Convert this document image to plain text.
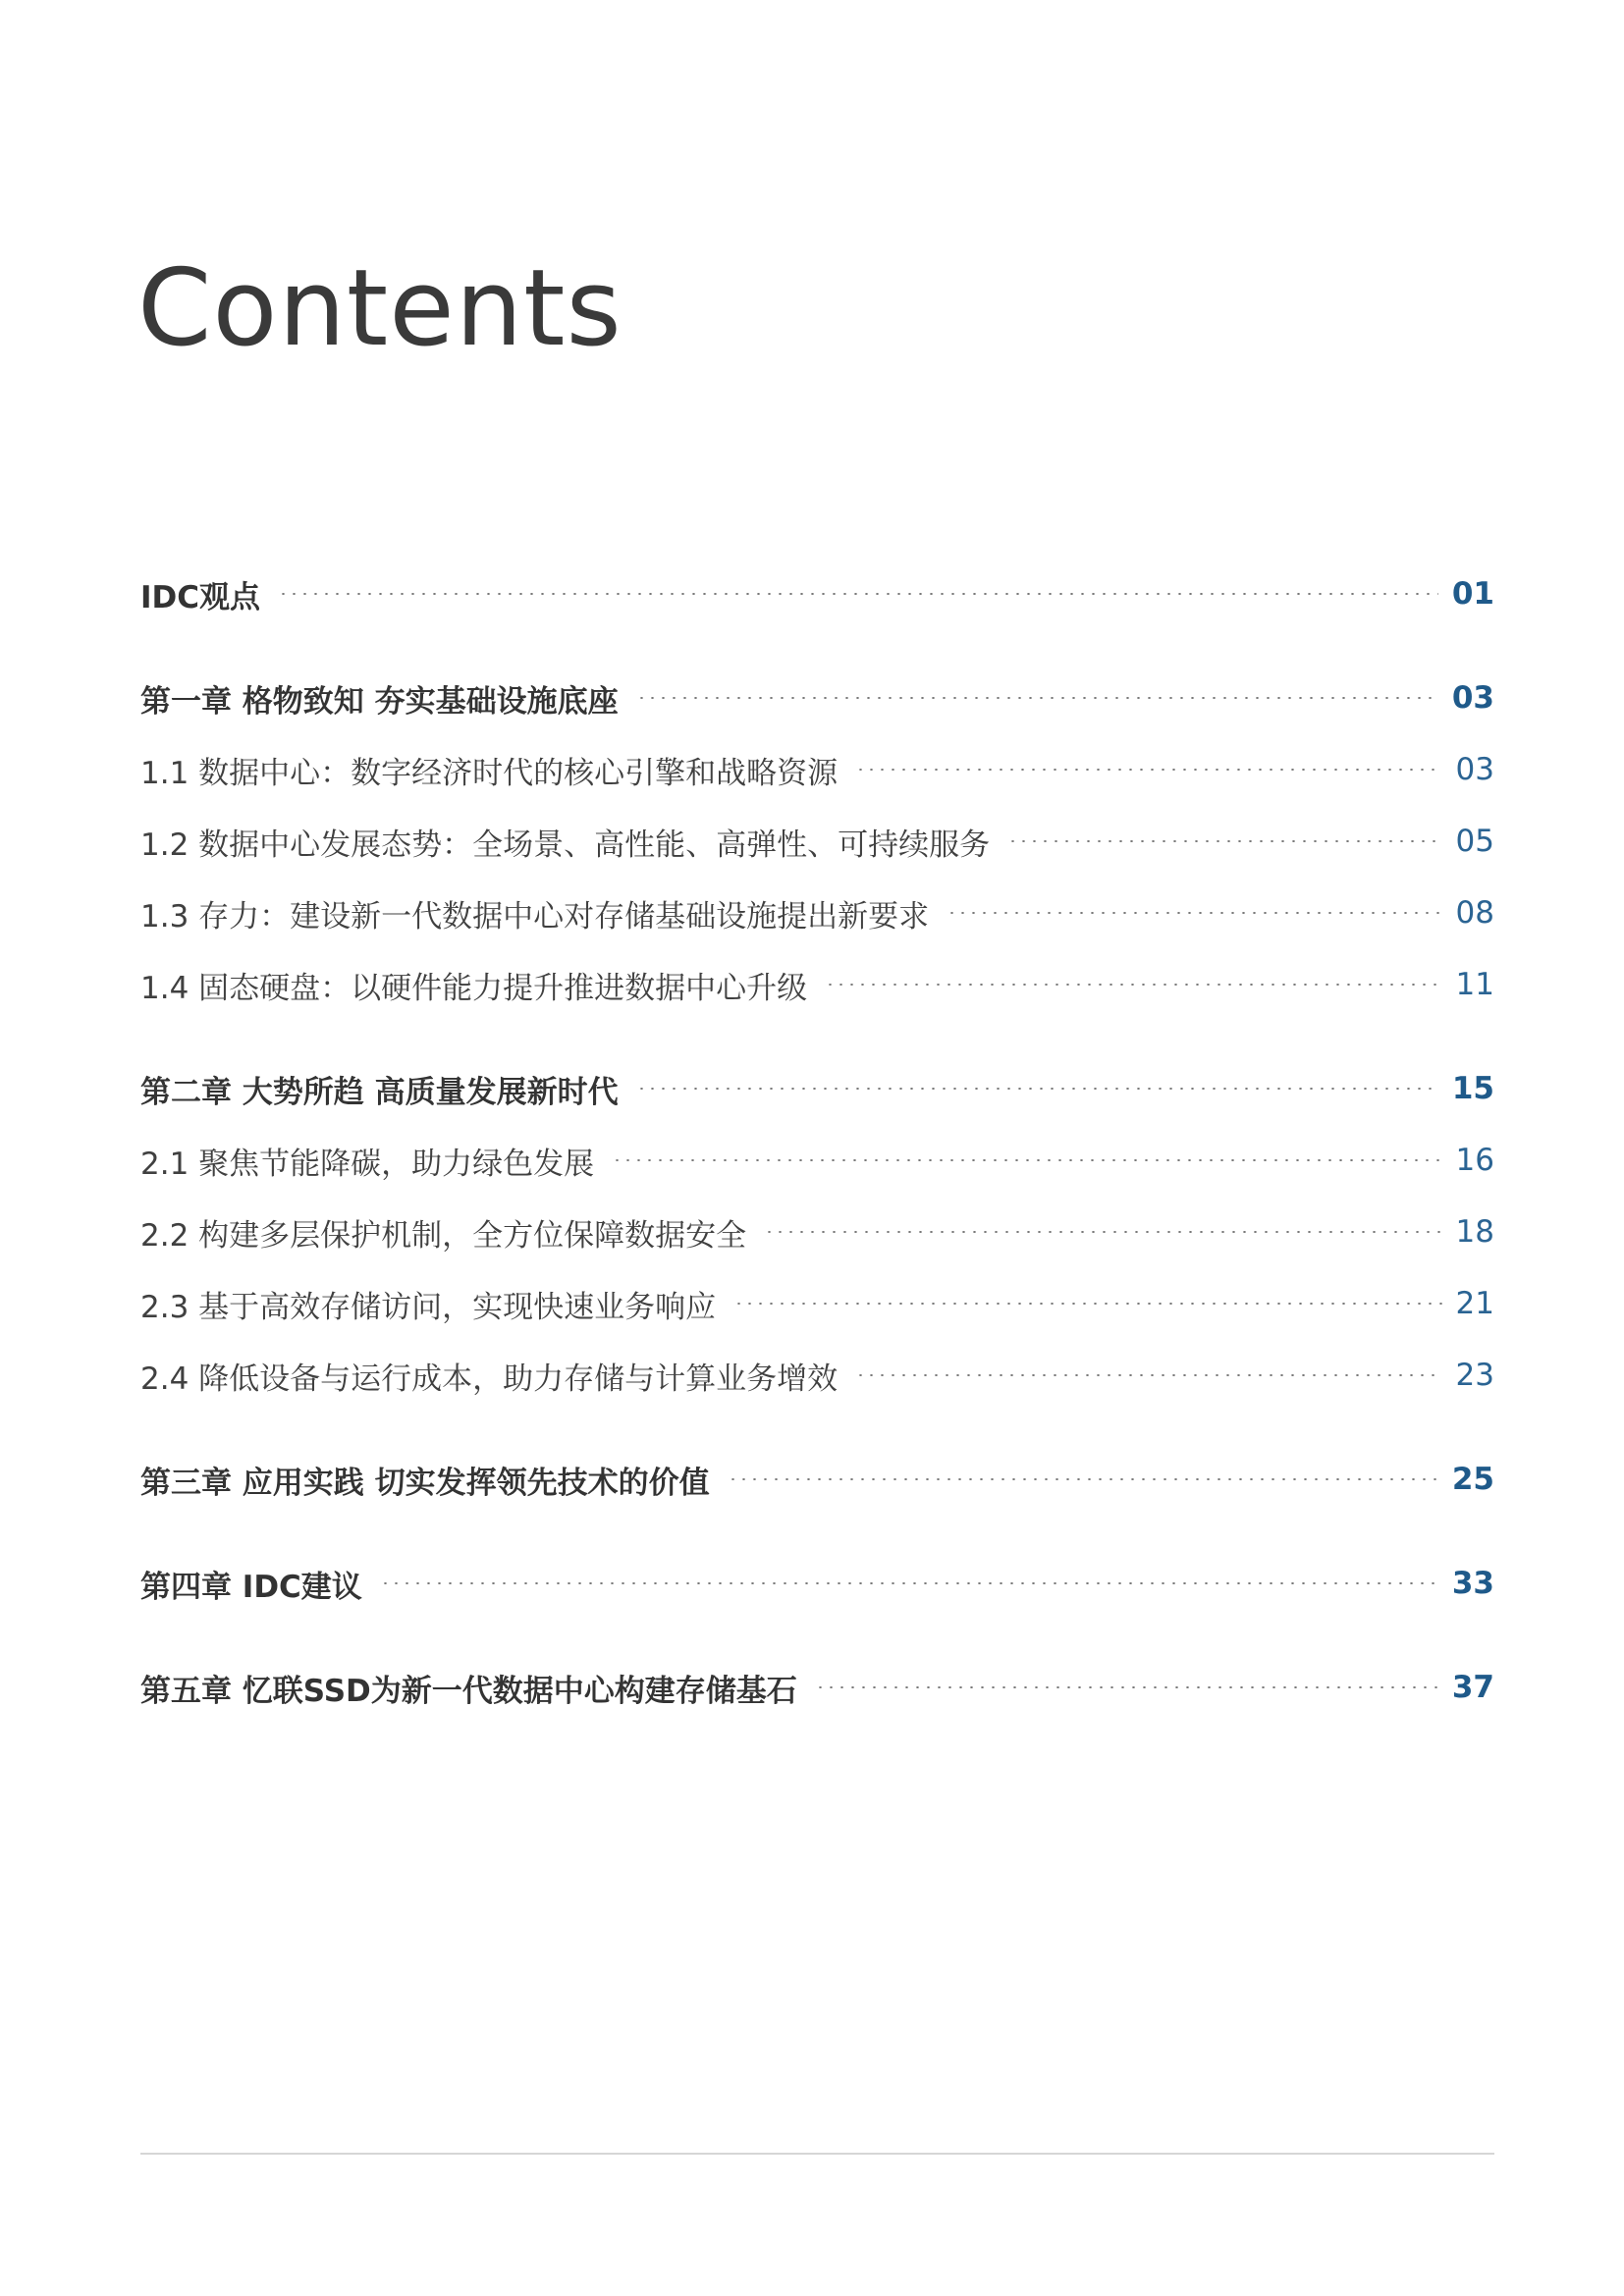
Contents
IDC观点	01
第一章 格物致知 夯实基础设施底座	03
1.1 数据中心：数字经济时代的核心引擎和战略资源	03
1.2 数据中心发展态势：全场景、高性能、高弹性、可持续服务	05
1.3 存力：建设新一代数据中心对存储基础设施提出新要求	08
1.4 固态硬盘：以硬件能力提升推进数据中心升级	11
第二章 大势所趋 高质量发展新时代	15
2.1 聚焦节能降碳，助力绿色发展	16
2.2 构建多层保护机制，全方位保障数据安全	18
2.3 基于高效存储访问，实现快速业务响应	21
2.4 降低设备与运行成本，助力存储与计算业务增效	23
第三章 应用实践 切实发挥领先技术的价值	25
第四章 IDC建议	33
第五章 忆联SSD为新一代数据中心构建存储基石	37
